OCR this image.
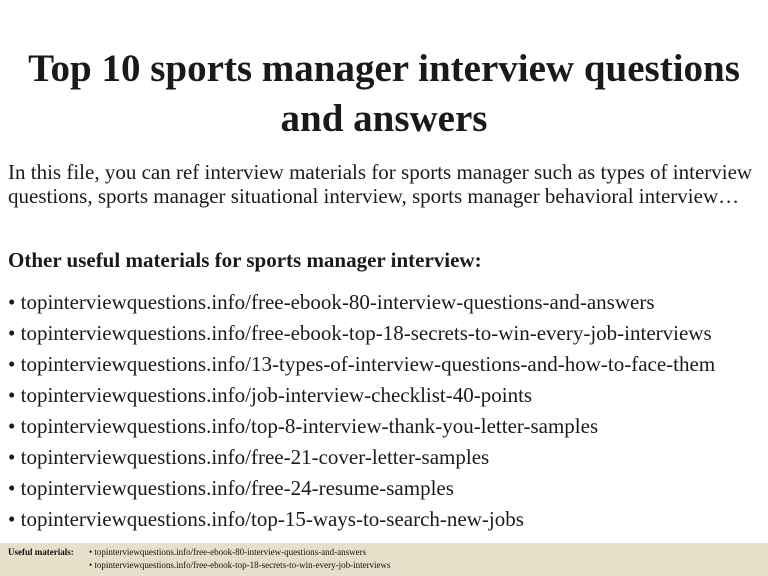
Top 10 sports manager interview questions
and answers
In this file, you can ref interview materials for sports manager such as types of interview questions, sports manager situational interview, sports manager behavioral interview…
Other useful materials for sports manager interview:
• topinterviewquestions.info/free-ebook-80-interview-questions-and-answers
• topinterviewquestions.info/free-ebook-top-18-secrets-to-win-every-job-interviews
• topinterviewquestions.info/13-types-of-interview-questions-and-how-to-face-them
• topinterviewquestions.info/job-interview-checklist-40-points
• topinterviewquestions.info/top-8-interview-thank-you-letter-samples
• topinterviewquestions.info/free-21-cover-letter-samples
• topinterviewquestions.info/free-24-resume-samples
• topinterviewquestions.info/top-15-ways-to-search-new-jobs
Useful materials: • topinterviewquestions.info/free-ebook-80-interview-questions-and-answers
• topinterviewquestions.info/free-ebook-top-18-secrets-to-win-every-job-interviews
